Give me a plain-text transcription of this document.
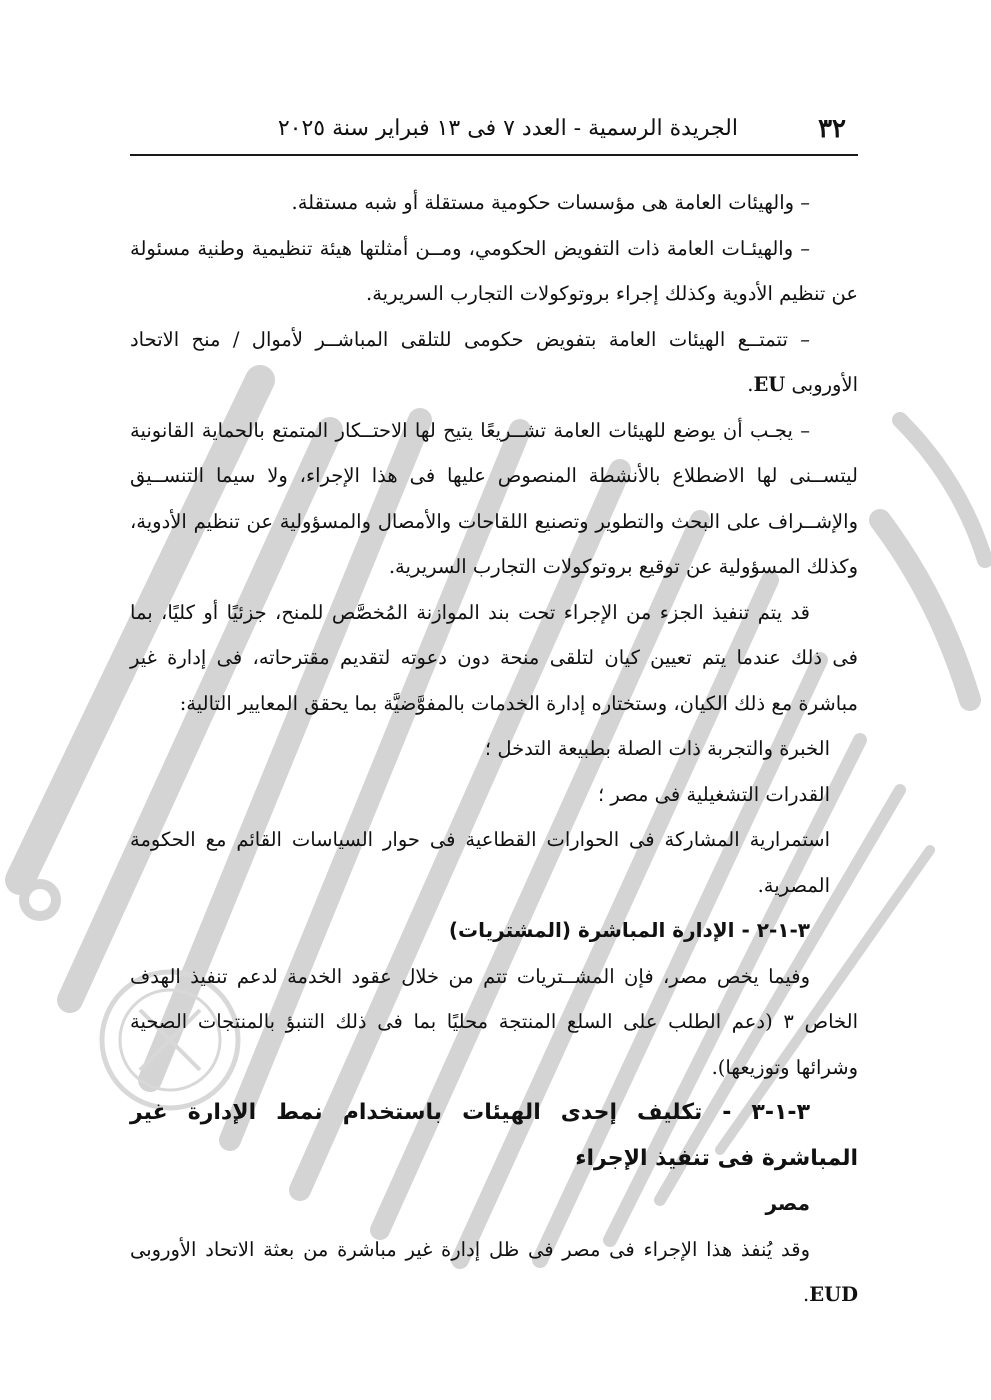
٣٢
الجريدة الرسمية - العدد ٧ فى ١٣ فبراير سنة ٢٠٢٥

– والهيئات العامة هى مؤسسات حكومية مستقلة أو شبه مستقلة.

– والهيئـات العامة ذات التفويض الحكومي، ومــن أمثلتها هيئة تنظيمية وطنية مسئولة عن تنظيم الأدوية وكذلك إجراء بروتوكولات التجارب السريرية.

– تتمتــع الهيئات العامة بتفويض حكومى للتلقى المباشــر لأموال / منح الاتحاد الأوروبى EU.

– يجـب أن يوضع للهيئات العامة تشــريعًا يتيح لها الاحتــكار المتمتع بالحماية القانونية ليتســنى لها الاضطلاع بالأنشطة المنصوص عليها فى هذا الإجراء، ولا سيما التنســيق والإشــراف على البحث والتطوير وتصنيع اللقاحات والأمصال والمسؤولية عن تنظيم الأدوية، وكذلك المسؤولية عن توقيع بروتوكولات التجارب السريرية.

قد يتم تنفيذ الجزء من الإجراء تحت بند الموازنة المُخصَّص للمنح، جزئيًا أو كليًا، بما فى ذلك عندما يتم تعيين كيان لتلقى منحة دون دعوته لتقديم مقترحاته، فى إدارة غير مباشرة مع ذلك الكيان، وستختاره إدارة الخدمات بالمفوَّضيَّة بما يحقق المعايير التالية:

الخبرة والتجربة ذات الصلة بطبيعة التدخل ؛

القدرات التشغيلية فى مصر ؛

استمرارية المشاركة فى الحوارات القطاعية فى حوار السياسات القائم مع الحكومة المصرية.

٣-١-٢ - الإدارة المباشرة (المشتريات)

وفيما يخص مصر، فإن المشــتريات تتم من خلال عقود الخدمة لدعم تنفيذ الهدف الخاص ٣ (دعم الطلب على السلع المنتجة محليًا بما فى ذلك التنبؤ بالمنتجات الصحية وشرائها وتوزيعها).

٣-١-٣ - تكليف إحدى الهيئات باستخدام نمط الإدارة غير المباشرة فى تنفيذ الإجراء

مصر

وقد يُنفذ هذا الإجراء فى مصر فى ظل إدارة غير مباشرة من بعثة الاتحاد الأوروبى EUD.
